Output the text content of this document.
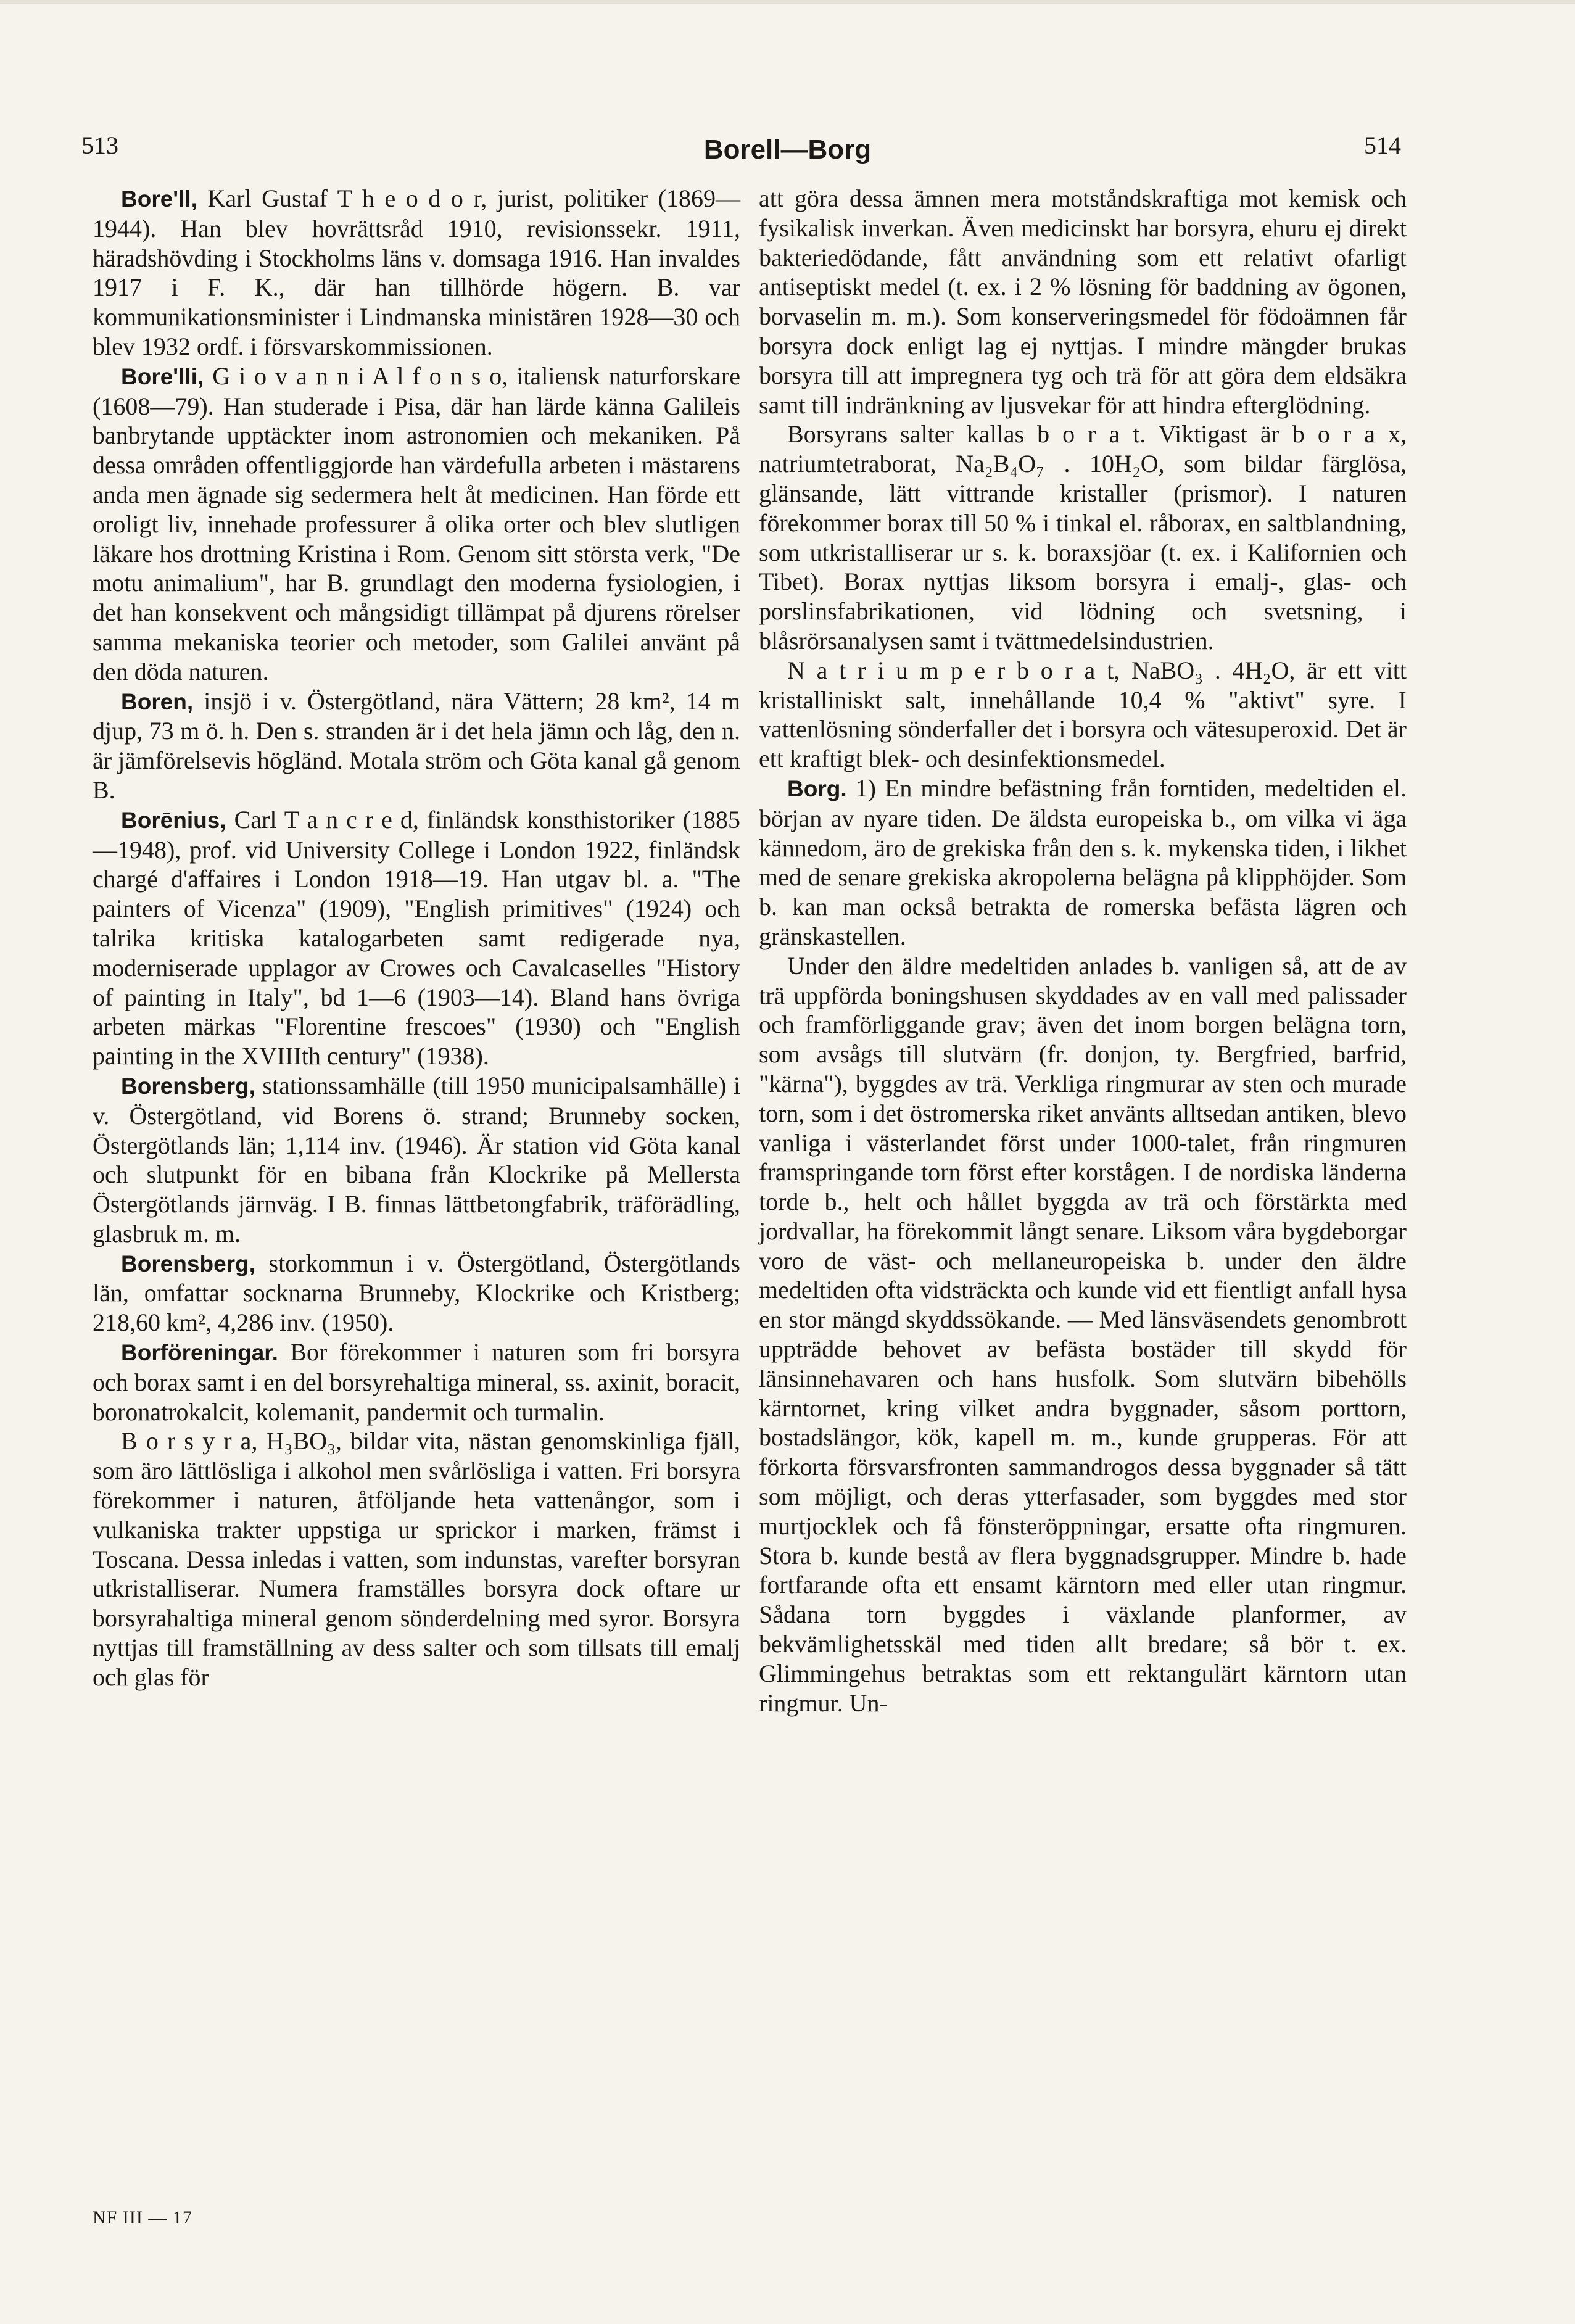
513	Borell—Borg	514

Bore'll, Karl Gustaf T h e o d o r, jurist, politiker (1869—1944). Han blev hovrättsråd 1910, revisionssekr. 1911, häradshövding i Stockholms läns v. domsaga 1916. Han invaldes 1917 i F. K., där han tillhörde högern. B. var kommunikationsminister i Lindmanska ministären 1928—30 och blev 1932 ordf. i försvarskommissionen.

Bore'lli, G i o v a n n i A l f o n s o, italiensk naturforskare (1608—79). Han studerade i Pisa, där han lärde känna Galileis banbrytande upptäckter inom astronomien och mekaniken. På dessa områden offentliggjorde han värdefulla arbeten i mästarens anda men ägnade sig sedermera helt åt medicinen. Han förde ett oroligt liv, innehade professurer å olika orter och blev slutligen läkare hos drottning Kristina i Rom. Genom sitt största verk, "De motu animalium", har B. grundlagt den moderna fysiologien, i det han konsekvent och mångsidigt tillämpat på djurens rörelser samma mekaniska teorier och metoder, som Galilei använt på den döda naturen.

Boren, insjö i v. Östergötland, nära Vättern; 28 km², 14 m djup, 73 m ö. h. Den s. stranden är i det hela jämn och låg, den n. är jämförelsevis högländ. Motala ström och Göta kanal gå genom B.

Borēnius, Carl T a n c r e d, finländsk konsthistoriker (1885—1948), prof. vid University College i London 1922, finländsk chargé d'affaires i London 1918—19. Han utgav bl. a. "The painters of Vicenza" (1909), "English primitives" (1924) och talrika kritiska katalogarbeten samt redigerade nya, moderniserade upplagor av Crowes och Cavalcaselles "History of painting in Italy", bd 1—6 (1903—14). Bland hans övriga arbeten märkas "Florentine frescoes" (1930) och "English painting in the XVIIIth century" (1938).

Borensberg, stationssamhälle (till 1950 municipalsamhälle) i v. Östergötland, vid Borens ö. strand; Brunneby socken, Östergötlands län; 1,114 inv. (1946). Är station vid Göta kanal och slutpunkt för en bibana från Klockrike på Mellersta Östergötlands järnväg. I B. finnas lättbetongfabrik, träförädling, glasbruk m. m.

Borensberg, storkommun i v. Östergötland, Östergötlands län, omfattar socknarna Brunneby, Klockrike och Kristberg; 218,60 km², 4,286 inv. (1950).

Borföreningar. Bor förekommer i naturen som fri borsyra och borax samt i en del borsyrehaltiga mineral, ss. axinit, boracit, boronatrokalcit, kolemanit, pandermit och turmalin.

B o r s y r a, H₃BO₃, bildar vita, nästan genomskinliga fjäll, som äro lättlösliga i alkohol men svårlösliga i vatten. Fri borsyra förekommer i naturen, åtföljande heta vattenångor, som i vulkaniska trakter uppstiga ur sprickor i marken, främst i Toscana. Dessa inledas i vatten, som indunstas, varefter borsyran utkristalliserar. Numera framställes borsyra dock oftare ur borsyrahaltiga mineral genom sönderdelning med syror. Borsyra nyttjas till framställning av dess salter och som tillsats till emalj och glas för

att göra dessa ämnen mera motståndskraftiga mot kemisk och fysikalisk inverkan. Även medicinskt har borsyra, ehuru ej direkt bakteriedödande, fått användning som ett relativt ofarligt antiseptiskt medel (t. ex. i 2 % lösning för baddning av ögonen, borvaselin m. m.). Som konserveringsmedel för födoämnen får borsyra dock enligt lag ej nyttjas. I mindre mängder brukas borsyra till att impregnera tyg och trä för att göra dem eldsäkra samt till indränkning av ljusvekar för att hindra efterglödning.

Borsyrans salter kallas b o r a t. Viktigast är b o r a x, natriumtetraborat, Na₂B₄O₇ . 10H₂O, som bildar färglösa, glänsande, lätt vittrande kristaller (prismor). I naturen förekommer borax till 50 % i tinkal el. råborax, en saltblandning, som utkristalliserar ur s. k. boraxsjöar (t. ex. i Kalifornien och Tibet). Borax nyttjas liksom borsyra i emalj-, glas- och porslinsfabrikationen, vid lödning och svetsning, i blåsrörsanalysen samt i tvättmedelsindustrien.

N a t r i u m p e r b o r a t, NaBO₃ . 4H₂O, är ett vitt kristalliniskt salt, innehållande 10,4 % "aktivt" syre. I vattenlösning sönderfaller det i borsyra och vätesuperoxid. Det är ett kraftigt blek- och desinfektionsmedel.

Borg. 1) En mindre befästning från forntiden, medeltiden el. början av nyare tiden. De äldsta europeiska b., om vilka vi äga kännedom, äro de grekiska från den s. k. mykenska tiden, i likhet med de senare grekiska akropolerna belägna på klipphöjder. Som b. kan man också betrakta de romerska befästa lägren och gränskastellen.

Under den äldre medeltiden anlades b. vanligen så, att de av trä uppförda boningshusen skyddades av en vall med palissader och framförliggande grav; även det inom borgen belägna torn, som avsågs till slutvärn (fr. donjon, ty. Bergfried, barfrid, "kärna"), byggdes av trä. Verkliga ringmurar av sten och murade torn, som i det östromerska riket använts alltsedan antiken, blevo vanliga i västerlandet först under 1000-talet, från ringmuren framspringande torn först efter korstågen. I de nordiska länderna torde b., helt och hållet byggda av trä och förstärkta med jordvallar, ha förekommit långt senare. Liksom våra bygdeborgar voro de väst- och mellaneuropeiska b. under den äldre medeltiden ofta vidsträckta och kunde vid ett fientligt anfall hysa en stor mängd skyddssökande. — Med länsväsendets genombrott uppträdde behovet av befästa bostäder till skydd för länsinnehavaren och hans husfolk. Som slutvärn bibehölls kärntornet, kring vilket andra byggnader, såsom porttorn, bostadslängor, kök, kapell m. m., kunde grupperas. För att förkorta försvarsfronten sammandrogos dessa byggnader så tätt som möjligt, och deras ytterfasader, som byggdes med stor murtjocklek och få fönsteröppningar, ersatte ofta ringmuren. Stora b. kunde bestå av flera byggnadsgrupper. Mindre b. hade fortfarande ofta ett ensamt kärntorn med eller utan ringmur. Sådana torn byggdes i växlande planformer, av bekvämlighetsskäl med tiden allt bredare; så bör t. ex. Glimmingehus betraktas som ett rektangulärt kärntorn utan ringmur. Un-

NF III — 17
